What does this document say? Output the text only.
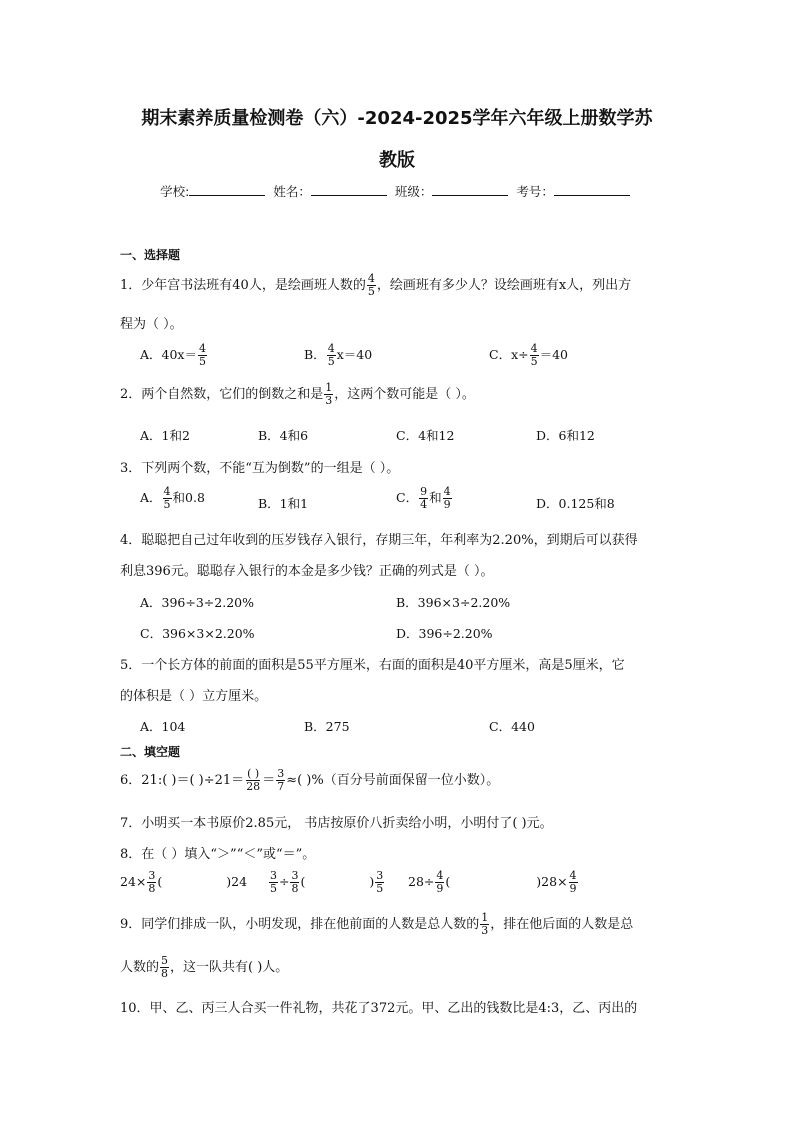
期末素养质量检测卷（六）-2024-2025学年六年级上册数学苏
教版
学校:	姓名：	班级：	考号：
一、选择题
1．少年宫书法班有40人，是绘画班人数的 $\frac{4}{5}$ ，绘画班有多少人？设绘画班有x人，列出方
程为（ ）。
A．$40x= \frac{4}{5}$	B． $\frac{4}{5} x=40$	C．$x\div \frac{4}{5} =40$
2．两个自然数，它们的倒数之和是 $\frac{1}{3}$ ，这两个数可能是（ ）。
A．1和2	B．4和6	C．4和12	D．6和12
3．下列两个数，不能“互为倒数”的一组是（ ）。
A． $\frac{4}{5}$ 和0.8	B．1和1	C． $\frac{9}{4}$ 和 $\frac{4}{9}$	D．0.125和8
4．聪聪把自己过年收到的压岁钱存入银行，存期三年，年利率为2.20%，到期后可以获得
利息396元。聪聪存入银行的本金是多少钱？正确的列式是（ ）。
A．396÷3÷2.20%	B．396×3÷2.20%
C．396×3×2.20%	D．396÷2.20%
5．一个长方体的前面的面积是55平方厘米，右面的面积是40平方厘米，高是5厘米，它
的体积是（ ）立方厘米。
A．104	B．275	C．440
二、填空题
6．21:( )＝( )$\div 21= \frac{( )}{28} = \frac{3}{7}$ ≈( )%（百分号前面保留一位小数）。
7．小明买一本书原价2.85元， 书店按原价八折卖给小明，小明付了( )元。
8．在（ ）填入“＞”“＜”或“＝”。
$24\times \frac{3}{8}$ (	)$24 \frac{3}{5} \div \frac{3}{8}$ (	) $\frac{3}{5} 28\div \frac{4}{9}$ (	)$28\times \frac{4}{9}$
9．同学们排成一队，小明发现，排在他前面的人数是总人数的 $\frac{1}{3}$ ，排在他后面的人数是总
人数的 $\frac{5}{8}$ ，这一队共有( )人。
10．甲、乙、丙三人合买一件礼物，共花了372元。甲、乙出的钱数比是4:3，乙、丙出的
